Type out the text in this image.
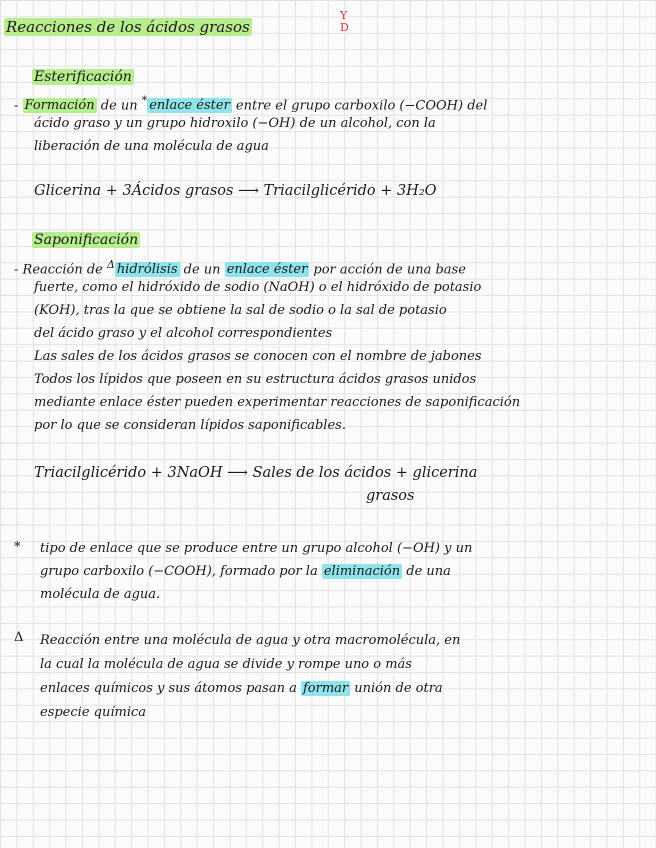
Reacciones de los ácidos grasos
Y
D
Esterificación
- Formación de un * enlace éster entre el grupo carboxilo (−COOH) del
ácido graso y un grupo hidroxilo (−OH) de un alcohol, con la
liberación de una molécula de agua
Glicerina + 3Ácidos grasos ⟶ Triacilglicérido + 3H₂O
Saponificación
- Reacción de $^\Delta$ hidrólisis de un enlace éster por acción de una base
fuerte, como el hidróxido de sodio (NaOH) o el hidróxido de potasio
(KOH), tras la que se obtiene la sal de sodio o la sal de potasio
del ácido graso y el alcohol correspondientes
Las sales de los ácidos grasos se conocen con el nombre de jabones
Todos los lípidos que poseen en su estructura ácidos grasos unidos
mediante enlace éster pueden experimentar reacciones de saponificación
por lo que se consideran lípidos saponificables.
Triacilglicérido + 3NaOH ⟶ Sales de los ácidos + glicerina
grasos
* tipo de enlace que se produce entre un grupo alcohol (−OH) y un
grupo carboxilo (−COOH), formado por la eliminación de una
molécula de agua.
Δ Reacción entre una molécula de agua y otra macromolécula, en
la cual la molécula de agua se divide y rompe uno o más
enlaces químicos y sus átomos pasan a formar unión de otra
especie química
